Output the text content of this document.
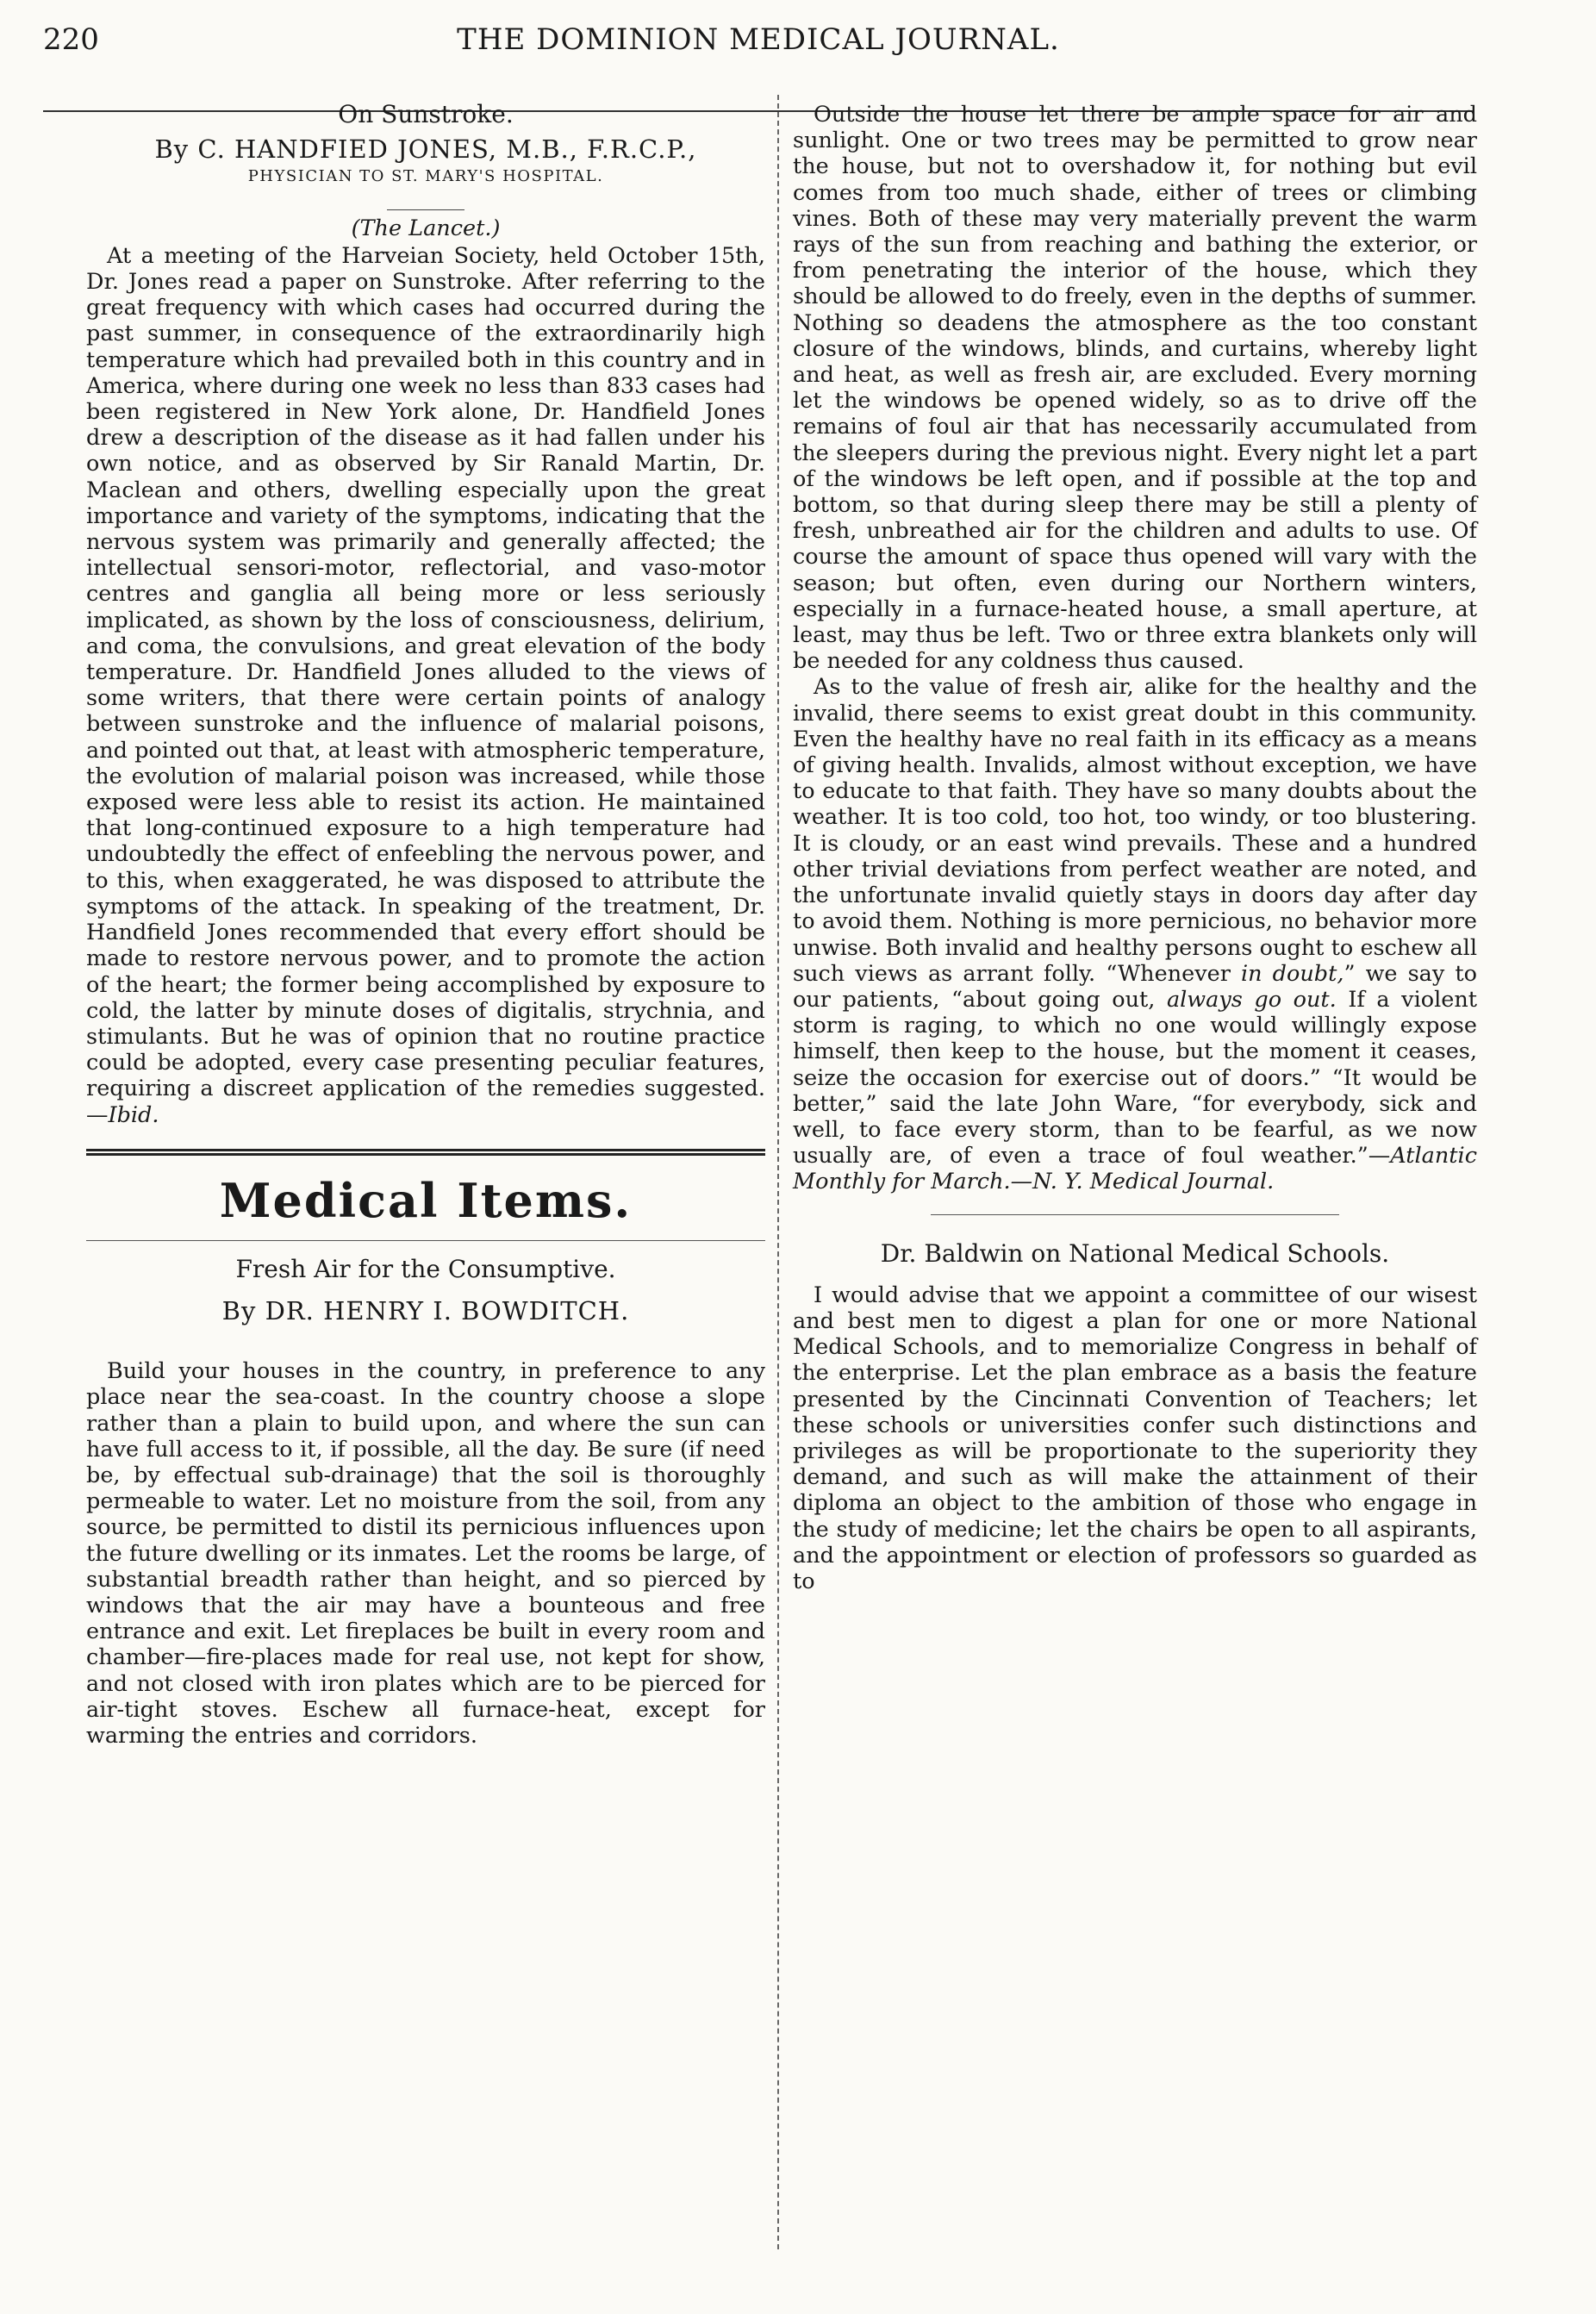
220	THE DOMINION MEDICAL JOURNAL.
On Sunstroke.
By C. HANDFIED JONES, M.B., F.R.C.P.,
PHYSICIAN TO ST. MARY'S HOSPITAL.
(The Lancet.)

At a meeting of the Harveian Society, held October 15th, Dr. Jones read a paper on Sunstroke. After referring to the great frequency with which cases had occurred during the past summer, in consequence of the extraordinarily high temperature which had prevailed both in this country and in America, where during one week no less than 833 cases had been registered in New York alone, Dr. Handfield Jones drew a description of the disease as it had fallen under his own notice, and as observed by Sir Ranald Martin, Dr. Maclean and others, dwelling especially upon the great importance and variety of the symptoms, indicating that the nervous system was primarily and generally affected; the intellectual sensori-motor, reflectorial, and vaso-motor centres and ganglia all being more or less seriously implicated, as shown by the loss of consciousness, delirium, and coma, the convulsions, and great elevation of the body temperature. Dr. Handfield Jones alluded to the views of some writers, that there were certain points of analogy between sunstroke and the influence of malarial poisons, and pointed out that, at least with atmospheric temperature, the evolution of malarial poison was increased, while those exposed were less able to resist its action. He maintained that long-continued exposure to a high temperature had undoubtedly the effect of enfeebling the nervous power, and to this, when exaggerated, he was disposed to attribute the symptoms of the attack. In speaking of the treatment, Dr. Handfield Jones recommended that every effort should be made to restore nervous power, and to promote the action of the heart; the former being accomplished by exposure to cold, the latter by minute doses of digitalis, strychnia, and stimulants. But he was of opinion that no routine practice could be adopted, every case presenting peculiar features, requiring a discreet application of the remedies suggested.—Ibid.

Medical Items.
Fresh Air for the Consumptive.
By DR. HENRY I. BOWDITCH.

Build your houses in the country, in preference to any place near the sea-coast. In the country choose a slope rather than a plain to build upon, and where the sun can have full access to it, if possible, all the day. Be sure (if need be, by effectual sub-drainage) that the soil is thoroughly permeable to water. Let no moisture from the soil, from any source, be permitted to distil its pernicious influences upon the future dwelling or its inmates. Let the rooms be large, of substantial breadth rather than height, and so pierced by windows that the air may have a bounteous and free entrance and exit. Let fireplaces be built in every room and chamber—fire-places made for real use, not kept for show, and not closed with iron plates which are to be pierced for air-tight stoves. Eschew all furnace-heat, except for warming the entries and corridors.

Outside the house let there be ample space for air and sunlight. One or two trees may be permitted to grow near the house, but not to overshadow it, for nothing but evil comes from too much shade, either of trees or climbing vines. Both of these may very materially prevent the warm rays of the sun from reaching and bathing the exterior, or from penetrating the interior of the house, which they should be allowed to do freely, even in the depths of summer. Nothing so deadens the atmosphere as the too constant closure of the windows, blinds, and curtains, whereby light and heat, as well as fresh air, are excluded. Every morning let the windows be opened widely, so as to drive off the remains of foul air that has necessarily accumulated from the sleepers during the previous night. Every night let a part of the windows be left open, and if possible at the top and bottom, so that during sleep there may be still a plenty of fresh, unbreathed air for the children and adults to use. Of course the amount of space thus opened will vary with the season; but often, even during our Northern winters, especially in a furnace-heated house, a small aperture, at least, may thus be left. Two or three extra blankets only will be needed for any coldness thus caused.

As to the value of fresh air, alike for the healthy and the invalid, there seems to exist great doubt in this community. Even the healthy have no real faith in its efficacy as a means of giving health. Invalids, almost without exception, we have to educate to that faith. They have so many doubts about the weather. It is too cold, too hot, too windy, or too blustering. It is cloudy, or an east wind prevails. These and a hundred other trivial deviations from perfect weather are noted, and the unfortunate invalid quietly stays in doors day after day to avoid them. Nothing is more pernicious, no behavior more unwise. Both invalid and healthy persons ought to eschew all such views as arrant folly. “Whenever in doubt,” we say to our patients, “about going out, always go out. If a violent storm is raging, to which no one would willingly expose himself, then keep to the house, but the moment it ceases, seize the occasion for exercise out of doors.” “It would be better,” said the late John Ware, “for everybody, sick and well, to face every storm, than to be fearful, as we now usually are, of even a trace of foul weather.”—Atlantic Monthly for March.—N. Y. Medical Journal.

Dr. Baldwin on National Medical Schools.

I would advise that we appoint a committee of our wisest and best men to digest a plan for one or more National Medical Schools, and to memorialize Congress in behalf of the enterprise. Let the plan embrace as a basis the feature presented by the Cincinnati Convention of Teachers; let these schools or universities confer such distinctions and privileges as will be proportionate to the superiority they demand, and such as will make the attainment of their diploma an object to the ambition of those who engage in the study of medicine; let the chairs be open to all aspirants, and the appointment or election of professors so guarded as to
